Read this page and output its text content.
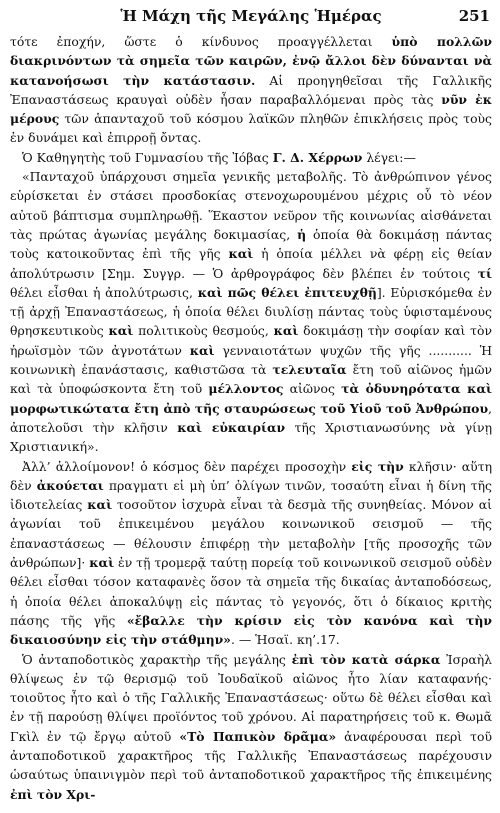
Ἡ Μάχη τῆς Μεγάλης Ἡμέρας	251

τότε ἐποχήν, ὥστε ὁ κίνδυνος προαγγέλλεται ὑπὸ πολλῶν διακρινόντων τὰ σημεῖα τῶν καιρῶν, ἐνῷ ἄλλοι δὲν δύνανται νὰ κατανοήσωσι τὴν κατάστασιν. Αἱ προηγηθεῖσαι τῆς Γαλλικῆς Ἐπαναστάσεως κραυγαὶ οὐδὲν ἦσαν παραβαλλόμεναι πρὸς τὰς νῦν ἐκ μέρους τῶν ἁπανταχοῦ τοῦ κόσμου λαϊκῶν πληθῶν ἐπικλήσεις πρὸς τοὺς ἐν δυνάμει καὶ ἐπιρροῇ ὄντας.

Ὁ Καθηγητὴς τοῦ Γυμνασίου τῆς Ἰόβας Γ. Δ. Χέρρων λέγει:—

«Πανταχοῦ ὑπάρχουσι σημεῖα γενικῆς μεταβολῆς. Τὸ ἀνθρώπινον γένος εὑρίσκεται ἐν στάσει προσδοκίας στενοχωρουμένου μέχρις οὗ τὸ νέον αὐτοῦ βάπτισμα συμπληρωθῇ. Ἕκαστον νεῦρον τῆς κοινωνίας αἰσθάνεται τὰς πρώτας ἀγωνίας μεγάλης δοκιμασίας, ἡ ὁποία θὰ δοκιμάσῃ πάντας τοὺς κατοικοῦντας ἐπὶ τῆς γῆς καὶ ἡ ὁποία μέλλει νὰ φέρῃ εἰς θείαν ἀπολύτρωσιν [Σημ. Συγγρ. — Ὁ ἀρθρογράφος δὲν βλέπει ἐν τούτοις τί θέλει εἶσθαι ἡ ἀπολύτρωσις, καὶ πῶς θέλει ἐπιτευχθῇ]. Εὑρισκόμεθα ἐν τῇ ἀρχῇ Ἐπαναστάσεως, ἡ ὁποία θέλει διυλίσῃ πάντας τοὺς ὑφισταμένους θρησκευτικοὺς καὶ πολιτικοὺς θεσμούς, καὶ δοκιμάσῃ τὴν σοφίαν καὶ τὸν ἡρωϊσμὸν τῶν ἀγνοτάτων καὶ γενναιοτάτων ψυχῶν τῆς γῆς ........... Ἡ κοινωνικὴ ἐπανάστασις, καθιστῶσα τὰ τελευταῖα ἔτη τοῦ αἰῶνος ἡμῶν καὶ τὰ ὑποφώσκοντα ἔτη τοῦ μέλλοντος αἰῶνος τὰ ὀδυνηρότατα καὶ μορφωτικώτατα ἔτη ἀπὸ τῆς σταυρώσεως τοῦ Υἱοῦ τοῦ Ἀνθρώπου, ἀποτελοῦσι τὴν κλῆσιν καὶ εὐκαιρίαν τῆς Χριστιανωσύνης νὰ γίνῃ Χριστιανική».

Ἀλλ’ ἀλλοίμονον! ὁ κόσμος δὲν παρέχει προσοχὴν εἰς τὴν κλῆσιν· αὕτη δὲν ἀκούεται πραγματι εἰ μὴ ὑπ’ ὀλίγων τινῶν, τοσαύτη εἶναι ἡ δίνη τῆς ἰδιοτελείας καὶ τοσοῦτον ἰσχυρὰ εἶναι τὰ δεσμὰ τῆς συνηθείας. Μόνον αἱ ἀγωνίαι τοῦ ἐπικειμένου μεγάλου κοινωνικοῦ σεισμοῦ — τῆς ἐπαναστάσεως — θέλουσιν ἐπιφέρῃ τὴν μεταβολὴν [τῆς προσοχῆς τῶν ἀνθρώπων]· καὶ ἐν τῇ τρομερᾷ ταύτῃ πορείᾳ τοῦ κοινωνικοῦ σεισμοῦ οὐδὲν θέλει εἶσθαι τόσον καταφανὲς ὅσον τὰ σημεῖα τῆς δικαίας ἀνταποδόσεως, ἡ ὁποία θέλει ἀποκαλύψῃ εἰς πάντας τὸ γεγονός, ὅτι ὁ δίκαιος κριτὴς πάσης τῆς γῆς «ἔβαλλε τὴν κρίσιν εἰς τὸν κανόνα καὶ τὴν δικαιοσύνην εἰς τὴν στάθμην». — Ἡσαϊ. κη’.17.

Ὁ ἀνταποδοτικὸς χαρακτὴρ τῆς μεγάλης ἐπὶ τὸν κατὰ σάρκα Ἰσραὴλ θλίψεως ἐν τῷ θερισμῷ τοῦ Ἰουδαϊκοῦ αἰῶνος ἦτο λίαν καταφανής· τοιοῦτος ἦτο καὶ ὁ τῆς Γαλλικῆς Ἐπαναστάσεως· οὕτω δὲ θέλει εἶσθαι καὶ ἐν τῇ παρούσῃ θλίψει προϊόντος τοῦ χρόνου. Αἱ παρατηρήσεις τοῦ κ. Θωμᾶ Γκὶλ ἐν τῷ ἔργῳ αὐτοῦ «Τὸ Παπικὸν δρᾶμα» ἀναφέρουσαι περὶ τοῦ ἀνταποδοτικοῦ χαρακτῆρος τῆς Γαλλικῆς Ἐπαναστάσεως παρέχουσιν ὡσαύτως ὑπαινιγμὸν περὶ τοῦ ἀνταποδοτικοῦ χαρακτῆρος τῆς ἐπικειμένης ἐπὶ τὸν Χρι-
